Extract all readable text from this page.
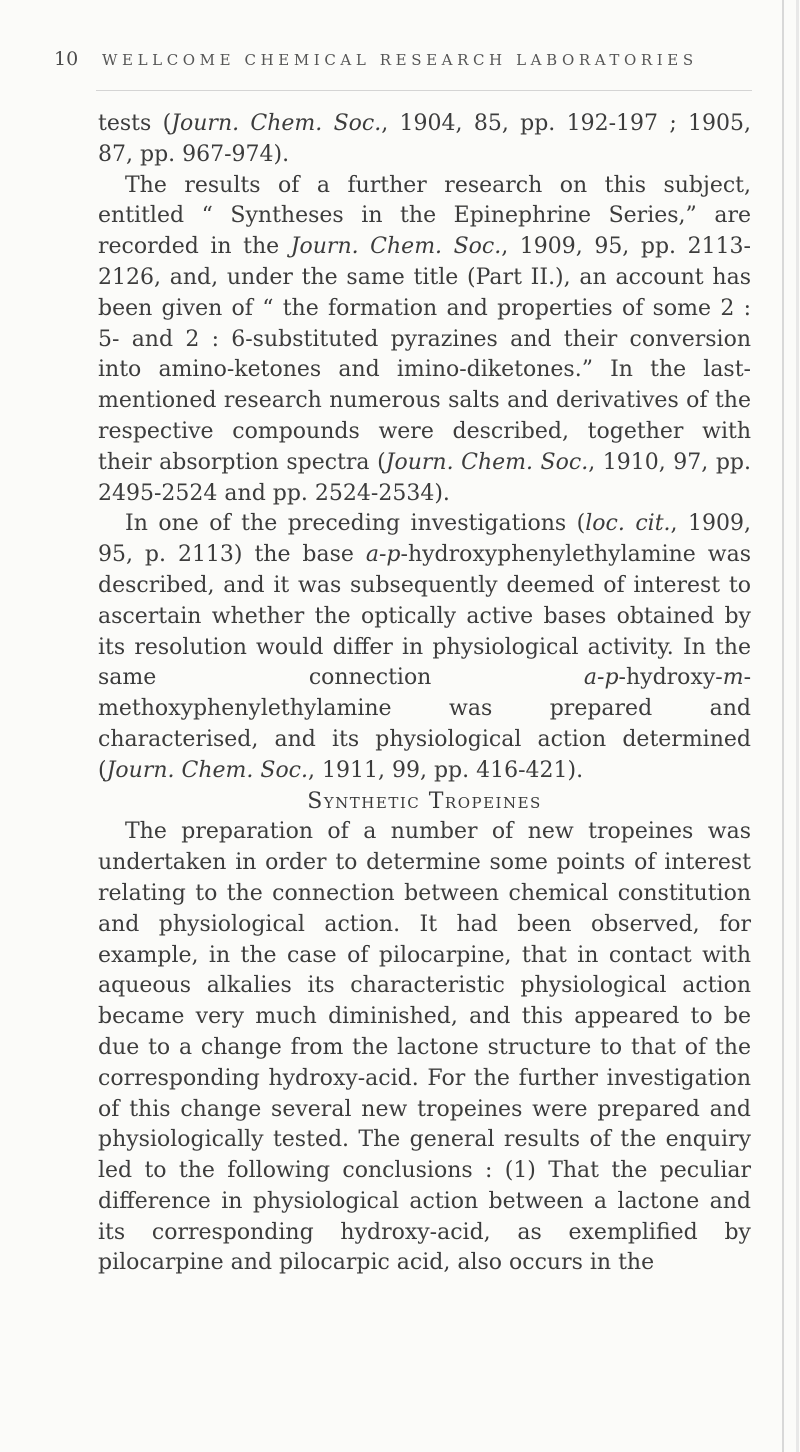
10	WELLCOME CHEMICAL RESEARCH LABORATORIES

tests (Journ. Chem. Soc., 1904, 85, pp. 192-197 ; 1905, 87, pp. 967-974).

The results of a further research on this subject, entitled “ Syntheses in the Epinephrine Series,” are recorded in the Journ. Chem. Soc., 1909, 95, pp. 2113-2126, and, under the same title (Part II.), an account has been given of “ the formation and properties of some 2 : 5- and 2 : 6-substituted pyrazines and their conversion into amino-ketones and imino-diketones.” In the last-mentioned research numerous salts and derivatives of the respective compounds were described, together with their absorption spectra (Journ. Chem. Soc., 1910, 97, pp. 2495-2524 and pp. 2524-2534).

In one of the preceding investigations (loc. cit., 1909, 95, p. 2113) the base a-p-hydroxyphenylethylamine was described, and it was subsequently deemed of interest to ascertain whether the optically active bases obtained by its resolution would differ in physiological activity. In the same connection a-p-hydroxy-m-methoxyphenylethylamine was prepared and characterised, and its physiological action determined (Journ. Chem. Soc., 1911, 99, pp. 416-421).

Synthetic Tropeines

The preparation of a number of new tropeines was undertaken in order to determine some points of interest relating to the connection between chemical constitution and physiological action. It had been observed, for example, in the case of pilocarpine, that in contact with aqueous alkalies its characteristic physiological action became very much diminished, and this appeared to be due to a change from the lactone structure to that of the corresponding hydroxy-acid. For the further investigation of this change several new tropeines were prepared and physiologically tested. The general results of the enquiry led to the following conclusions : (1) That the peculiar difference in physiological action between a lactone and its corresponding hydroxy-acid, as exemplified by pilocarpine and pilocarpic acid, also occurs in the
